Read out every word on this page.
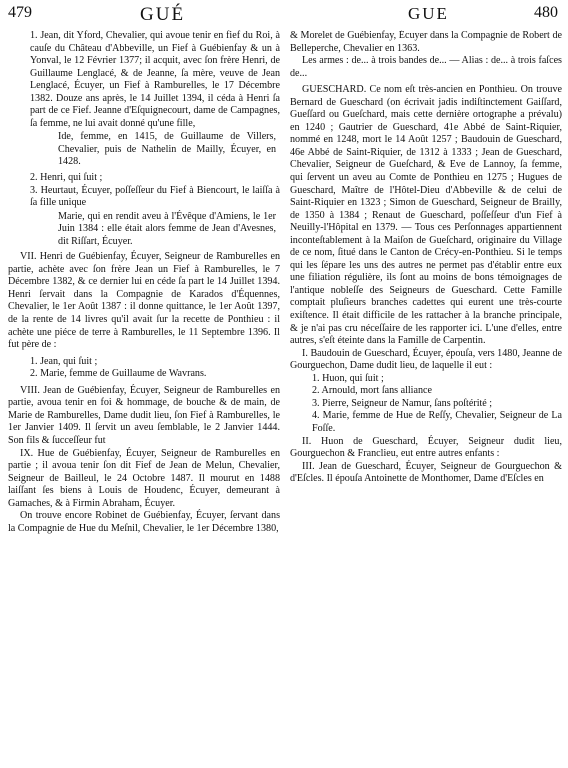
479	GUÉ	GUE	480

1. Jean, dit Yford, Chevalier, qui avoue tenir en fief du Roi, à cauſe du Château d'Abbeville, un Fief à Guébienfay & un à Yonval, le 12 Février 1377; il acquit, avec ſon frère Henri, de Guillaume Lenglacé, & de Jeanne, ſa mère, veuve de Jean Lenglacé, Écuyer, un Fief à Ramburelles, le 17 Décembre 1382. Douze ans après, le 14 Juillet 1394, il céda à Henri ſa part de ce Fief. Jeanne d'Eſquignecourt, dame de Campagnes, ſa femme, ne lui avait donné qu'une fille,

Ide, femme, en 1415, de Guillaume de Villers, Chevalier, puis de Nathelin de Mailly, Écuyer, en 1428.

2. Henri, qui ſuit ;

3. Heurtaut, Écuyer, poſſeſſeur du Fief à Biencourt, le laiſſa à ſa fille unique

Marie, qui en rendit aveu à l'Évêque d'Amiens, le 1er Juin 1384 : elle était alors femme de Jean d'Avesnes, dit Riſſart, Écuyer.

VII. Henri de Guébienfay, Écuyer, Seigneur de Ramburelles en partie, achète avec ſon frère Jean un Fief à Ramburelles, le 7 Décembre 1382, & ce dernier lui en céde ſa part le 14 Juillet 1394. Henri ſervait dans la Compagnie de Karados d'Équennes, Chevalier, le 1er Août 1387 : il donne quittance, le 1er Août 1397, de la rente de 14 livres qu'il avait ſur la recette de Ponthieu : il achète une piéce de terre à Ramburelles, le 11 Septembre 1396. Il fut père de :

1. Jean, qui ſuit ;

2. Marie, femme de Guillaume de Wavrans.

VIII. Jean de Guébienfay, Écuyer, Seigneur de Ramburelles en partie, avoua tenir en foi & hommage, de bouche & de main, de Marie de Ramburelles, Dame dudit lieu, ſon Fief à Ramburelles, le 1er Janvier 1409. Il ſervit un aveu ſemblable, le 2 Janvier 1444. Son fils & ſucceſſeur fut

IX. Hue de Guébienfay, Écuyer, Seigneur de Ramburelles en partie ; il avoua tenir ſon dit Fief de Jean de Melun, Chevalier, Seigneur de Bailleul, le 24 Octobre 1487. Il mourut en 1488 laiſſant ſes biens à Louis de Houdenc, Écuyer, demeurant à Gamaches, & à Firmin Abraham, Écuyer.

On trouve encore Robinet de Guébienfay, Écuyer, ſervant dans la Compagnie de Hue du Meſnil, Chevalier, le 1er Décembre 1380,

& Morelet de Guébienfay, Écuyer dans la Compagnie de Robert de Belleperche, Chevalier en 1363.

Les armes : de... à trois bandes de... — Alias : de... à trois faſces de...

GUESCHARD. Ce nom eſt très-ancien en Ponthieu. On trouve Bernard de Gueschard (on écrivait jadis indiſtinctement Gaiſſard, Gueſſard ou Gueſchard, mais cette dernière ortographe a prévalu) en 1240 ; Gautrier de Gueschard, 41e Abbé de Saint-Riquier, nommé en 1248, mort le 14 Août 1257 ; Baudouin de Gueschard, 46e Abbé de Saint-Riquier, de 1312 à 1333 ; Jean de Gueschard, Chevalier, Seigneur de Gueſchard, & Eve de Lannoy, ſa femme, qui ſervent un aveu au Comte de Ponthieu en 1275 ; Hugues de Gueschard, Maître de l'Hôtel-Dieu d'Abbeville & de celui de Saint-Riquier en 1323 ; Simon de Gueschard, Seigneur de Brailly, de 1350 à 1384 ; Renaut de Gueschard, poſſeſſeur d'un Fief à Neuilly-l'Hôpital en 1379. — Tous ces Perſonnages appartiennent inconteſtablement à la Maiſon de Gueſchard, originaire du Village de ce nom, ſitué dans le Canton de Crécy-en-Ponthieu. Si le temps qui les ſépare les uns des autres ne permet pas d'établir entre eux une filiation régulière, ils ſont au moins de bons témoignages de l'antique nobleſſe des Seigneurs de Gueschard. Cette Famille comptait pluſieurs branches cadettes qui eurent une très-courte exiſtence. Il était difficile de les rattacher à la branche principale, & je n'ai pas cru néceſſaire de les rapporter ici. L'une d'elles, entre autres, s'eſt éteinte dans la Famille de Carpentin.

I. Baudouin de Gueschard, Écuyer, épouſa, vers 1480, Jeanne de Gourguechon, Dame dudit lieu, de laquelle il eut :

1. Huon, qui ſuit ;

2. Arnould, mort ſans alliance

3. Pierre, Seigneur de Namur, ſans poſtérité ;

4. Marie, femme de Hue de Reſſy, Chevalier, Seigneur de La Foſſe.

II. Huon de Gueschard, Écuyer, Seigneur dudit lieu, Gourguechon & Francliеu, eut entre autres enfants :

III. Jean de Gueschard, Écuyer, Seigneur de Gourguechon & d'Eſcles. Il épouſa Antoinette de Monthomer, Dame d'Eſcles en
